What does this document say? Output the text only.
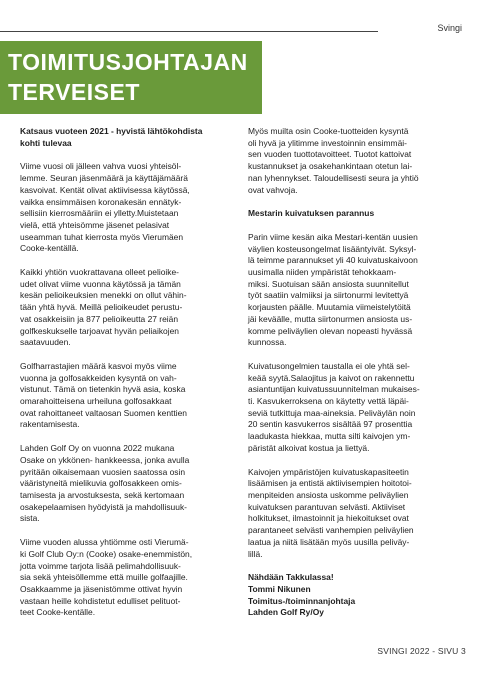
Svingi
TOIMITUSJOHTAJAN
TERVEISET
Katsaus vuoteen 2021 - hyvistä lähtökohdista
kohti tulevaa
Viime vuosi oli jälleen vahva vuosi yhteisöl-
lemme. Seuran jäsenmäärä ja käyttäjämäärä
kasvoivat. Kentät olivat aktiivisessa käytössä,
vaikka ensimmäisen koronakesän ennätyk-
sellisiin kierrosmääriin ei ylletty.Muistetaan
vielä, että yhteisömme jäsenet pelasivat
useamman tuhat kierrosta myös Vierumäen
Cooke-kentällä.
Kaikki yhtiön vuokrattavana olleet pelioike-
udet olivat viime vuonna käytössä ja tämän
kesän pelioikeuksien menekki on ollut vähin-
tään yhtä hyvä. Meillä pelioikeudet perustu-
vat osakkeisiin ja 877 pelioikeutta 27 reiän
golfkeskukselle tarjoavat hyvän peliaikojen
saatavuuden.
Golfharrastajien määrä kasvoi myös viime
vuonna ja golfosakkeiden kysyntä on vah-
vistunut. Tämä on tietenkin hyvä asia, koska
omarahoitteisena urheiluna golfosakkaat
ovat rahoittaneet valtaosan Suomen kenttien
rakentamisesta.
Lahden Golf Oy on vuonna 2022 mukana
Osake on ykkönen- hankkeessa, jonka avulla
pyritään oikaisemaan vuosien saatossa osin
vääristyneitä mielikuvia golfosakkeen omis-
tamisesta ja arvostuksesta, sekä kertomaan
osakepelaamisen hyödyistä ja mahdollisuuk-
sista.
Viime vuoden alussa yhtiömme osti Vierumä-
ki Golf Club Oy:n (Cooke) osake-enemmistön,
jotta voimme tarjota lisää pelimahdollisuuk-
sia sekä yhteisöllemme että muille golfaajille.
Osakkaamme ja jäsenistömme ottivat hyvin
vastaan heille kohdistetut edulliset pelituot-
teet Cooke-kentälle.
Myös muilta osin Cooke-tuotteiden kysyntä
oli hyvä ja ylitimme investoinnin ensimmäi-
sen vuoden tuottotavoitteet. Tuotot kattoivat
kustannukset ja osakehankintaan otetun lai-
nan lyhennykset. Taloudellisesti seura ja yhtiö
ovat vahvoja.
Mestarin kuivatuksen parannus
Parin viime kesän aika Mestari-kentän uusien
väylien kosteusongelmat lisääntyivät. Syksyl-
lä teimme parannukset yli 40 kuivatuskaivoon
uusimalla niiden ympäristät tehokkaam-
miksi. Suotuisan sään ansiosta suunnitellut
työt saatiin valmiiksi ja siirtonurmi levitettyä
korjausten päälle. Muutamia viimeistelytöitä
jäi keväälle, mutta siirtonurmen ansiosta us-
komme peliväylien olevan nopeasti hyvässä
kunnossa.
Kuivatusongelmien taustalla ei ole yhtä sel-
keää syytä.Salaojitus ja kaivot on rakennettu
asiantuntijan kuivatussuunnitelman mukaises-
ti. Kasvukerroksena on käytetty vettä läpäi-
seviä tutkittuja maa-aineksia. Peliväylän noin
20 sentin kasvukerros sisältää 97 prosenttia
laadukasta hiekkaa, mutta silti kaivojen ym-
päristät alkoivat kostua ja liettyä.
Kaivojen ympäristöjen kuivatuskapasiteetin
lisäämisen ja entistä aktiivisempien hoitotoi-
menpiteiden ansiosta uskomme peliväylien
kuivatuksen parantuvan selvästi. Aktiiviset
holkitukset, ilmastoinnit ja hiekoitukset ovat
parantaneet selvästi vanhempien peliväylien
laatua ja niitä lisätään myös uusilla peliväy-
lillä.
Nähdään Takkulassa!
Tommi Nikunen
Toimitus-/toiminnanjohtaja
Lahden Golf Ry/Oy
SVINGI 2022 - SIVU 3
